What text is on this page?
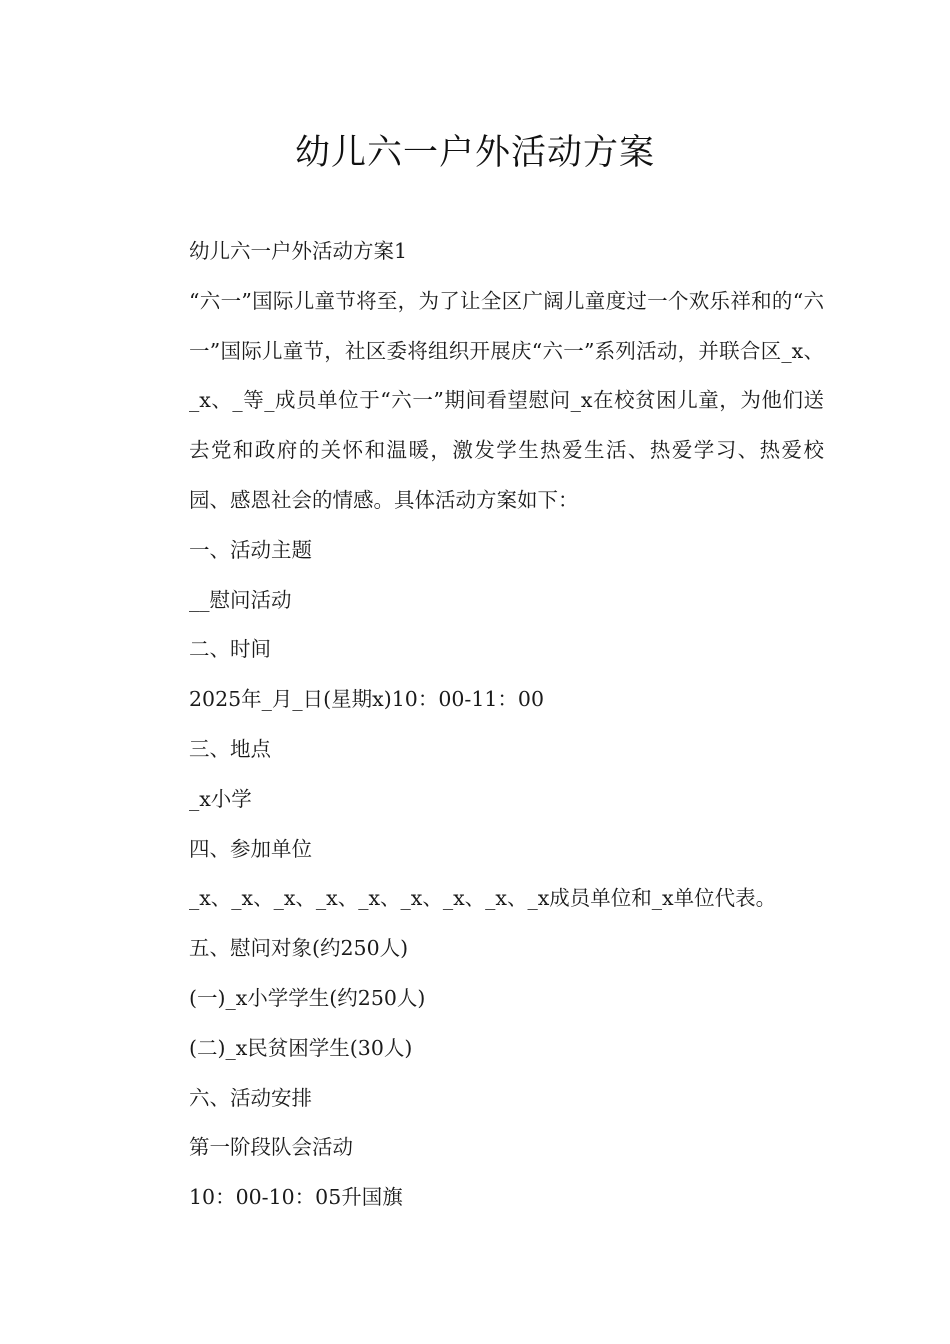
幼儿六一户外活动方案

幼儿六一户外活动方案1

“六一”国际儿童节将至，为了让全区广阔儿童度过一个欢乐祥和的“六一”国际儿童节，社区委将组织开展庆“六一”系列活动，并联合区_x、_x、_等_成员单位于“六一”期间看望慰问_x在校贫困儿童，为他们送去党和政府的关怀和温暖，激发学生热爱生活、热爱学习、热爱校园、感恩社会的情感。具体活动方案如下：

一、活动主题

__慰问活动

二、时间

2025年_月_日(星期x)10：00-11：00

三、地点

_x小学

四、参加单位

_x、_x、_x、_x、_x、_x、_x、_x、_x成员单位和_x单位代表。

五、慰问对象(约250人)

(一)_x小学学生(约250人)

(二)_x民贫困学生(30人)

六、活动安排

第一阶段队会活动

10：00-10：05升国旗
